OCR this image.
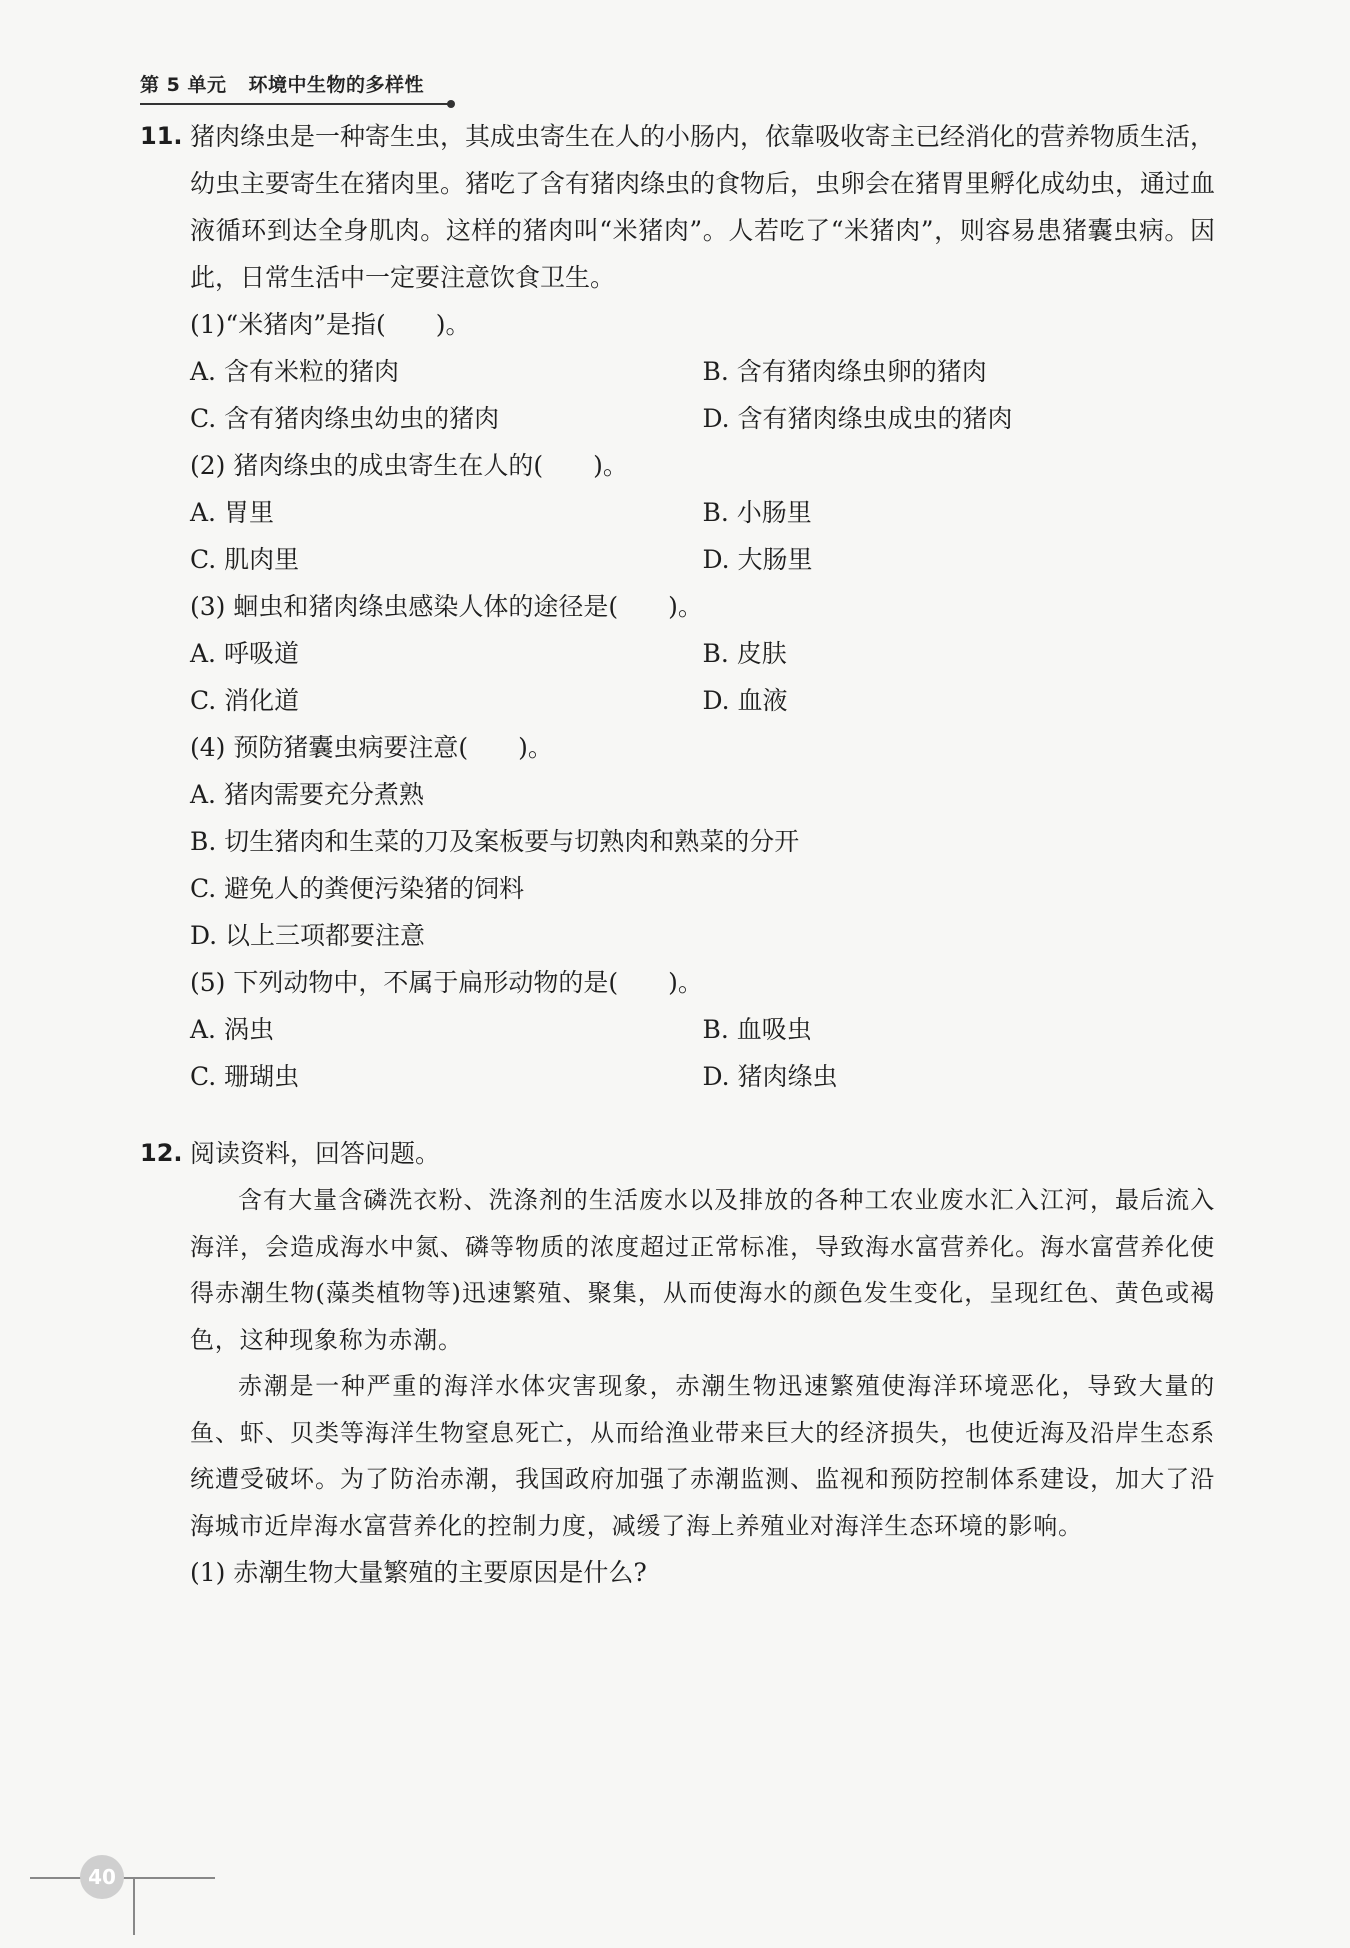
第 5 单元 环境中生物的多样性
11. 猪肉绦虫是一种寄生虫，其成虫寄生在人的小肠内，依靠吸收寄主已经消化的营养物质生活，幼虫主要寄生在猪肉里。猪吃了含有猪肉绦虫的食物后，虫卵会在猪胃里孵化成幼虫，通过血液循环到达全身肌肉。这样的猪肉叫“米猪肉”。人若吃了“米猪肉”，则容易患猪囊虫病。因此，日常生活中一定要注意饮食卫生。
(1)“米猪肉”是指(　　)。
A. 含有米粒的猪肉	B. 含有猪肉绦虫卵的猪肉
C. 含有猪肉绦虫幼虫的猪肉	D. 含有猪肉绦虫成虫的猪肉
(2) 猪肉绦虫的成虫寄生在人的(　　)。
A. 胃里	B. 小肠里
C. 肌肉里	D. 大肠里
(3) 蛔虫和猪肉绦虫感染人体的途径是(　　)。
A. 呼吸道	B. 皮肤
C. 消化道	D. 血液
(4) 预防猪囊虫病要注意(　　)。
A. 猪肉需要充分煮熟
B. 切生猪肉和生菜的刀及案板要与切熟肉和熟菜的分开
C. 避免人的粪便污染猪的饲料
D. 以上三项都要注意
(5) 下列动物中，不属于扁形动物的是(　　)。
A. 涡虫	B. 血吸虫
C. 珊瑚虫	D. 猪肉绦虫
12. 阅读资料，回答问题。

含有大量含磷洗衣粉、洗涤剂的生活废水以及排放的各种工农业废水汇入江河，最后流入海洋，会造成海水中氮、磷等物质的浓度超过正常标准，导致海水富营养化。海水富营养化使得赤潮生物(藻类植物等)迅速繁殖、聚集，从而使海水的颜色发生变化，呈现红色、黄色或褐色，这种现象称为赤潮。

赤潮是一种严重的海洋水体灾害现象，赤潮生物迅速繁殖使海洋环境恶化，导致大量的鱼、虾、贝类等海洋生物窒息死亡，从而给渔业带来巨大的经济损失，也使近海及沿岸生态系统遭受破坏。为了防治赤潮，我国政府加强了赤潮监测、监视和预防控制体系建设，加大了沿海城市近岸海水富营养化的控制力度，减缓了海上养殖业对海洋生态环境的影响。

(1) 赤潮生物大量繁殖的主要原因是什么?
40
